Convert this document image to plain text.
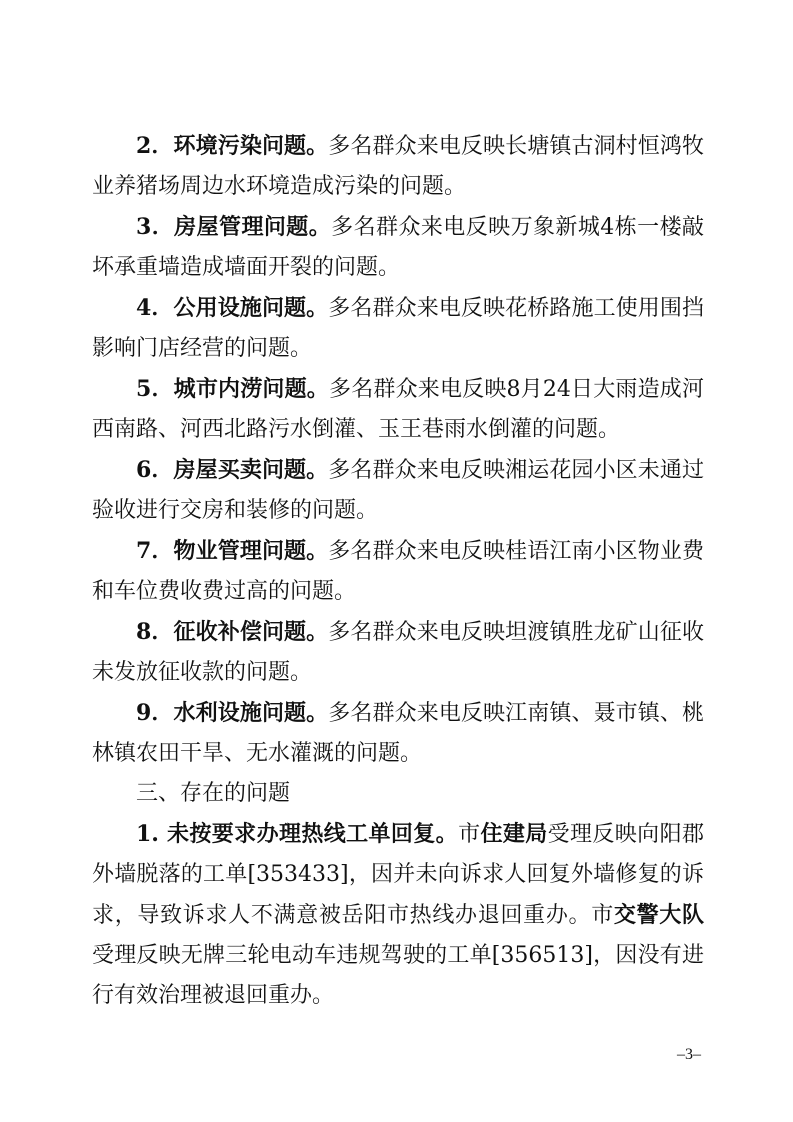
2．环境污染问题。多名群众来电反映长塘镇古洞村恒鸿牧业养猪场周边水环境造成污染的问题。

3．房屋管理问题。多名群众来电反映万象新城4栋一楼敲坏承重墙造成墙面开裂的问题。

4．公用设施问题。多名群众来电反映花桥路施工使用围挡影响门店经营的问题。

5．城市内涝问题。多名群众来电反映8月24日大雨造成河西南路、河西北路污水倒灌、玉王巷雨水倒灌的问题。

6．房屋买卖问题。多名群众来电反映湘运花园小区未通过验收进行交房和装修的问题。

7．物业管理问题。多名群众来电反映桂语江南小区物业费和车位费收费过高的问题。

8．征收补偿问题。多名群众来电反映坦渡镇胜龙矿山征收未发放征收款的问题。

9．水利设施问题。多名群众来电反映江南镇、聂市镇、桃林镇农田干旱、无水灌溉的问题。

三、存在的问题

1. 未按要求办理热线工单回复。市住建局受理反映向阳郡外墙脱落的工单[353433]，因并未向诉求人回复外墙修复的诉求，导致诉求人不满意被岳阳市热线办退回重办。市交警大队受理反映无牌三轮电动车违规驾驶的工单[356513]，因没有进行有效治理被退回重办。

–3–
